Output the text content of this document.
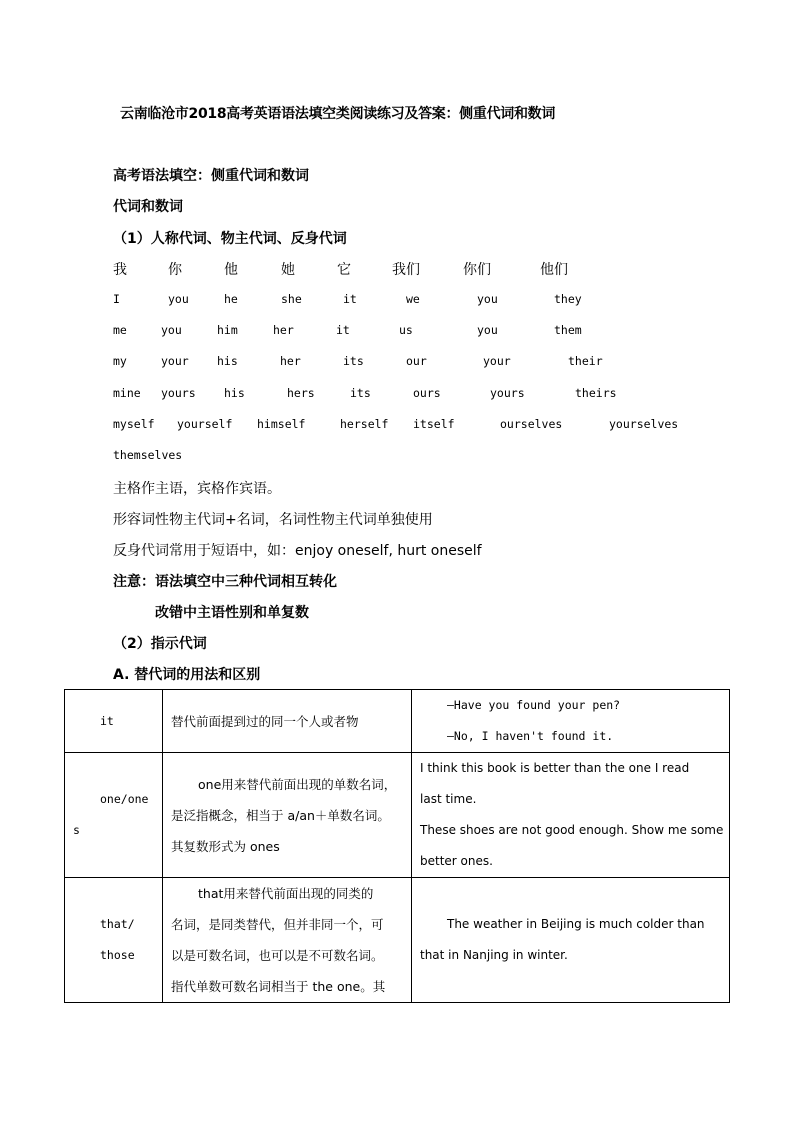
云南临沧市2018高考英语语法填空类阅读练习及答案：侧重代词和数词
高考语法填空：侧重代词和数词
代词和数词
（1）人称代词、物主代词、反身代词
我	你	他	她	它	我们	你们	他们
I	you	he	she	it	we	you	they
me	you	him	her	it	us	you	them
my	your his	her	its	our	your	their
mine yours his	hers	its	ours	yours	theirs
myself yourself himself	herself itself	ourselves	yourselves
themselves
主格作主语，宾格作宾语。
形容词性物主代词+名词，名词性物主代词单独使用
反身代词常用于短语中，如：enjoy oneself, hurt oneself
注意：语法填空中三种代词相互转化
改错中主语性别和单复数
（2）指示代词
A. 替代词的用法和区别
it	替代前面提到过的同一个人或者物	—Have you found your pen?
—No, I haven't found it.

one/one
s	one用来替代前面出现的单数名词，
是泛指概念，相当于 a/an＋单数名词。
其复数形式为 ones	I think this book is better than the one I read
last time.
These shoes are not good enough. Show me some
better ones.

that/
those	that用来替代前面出现的同类的
名词，是同类替代，但并非同一个，可
以是可数名词，也可以是不可数名词。
指代单数可数名词相当于 the one。其	The weather in Beijing is much colder than
that in Nanjing in winter.
